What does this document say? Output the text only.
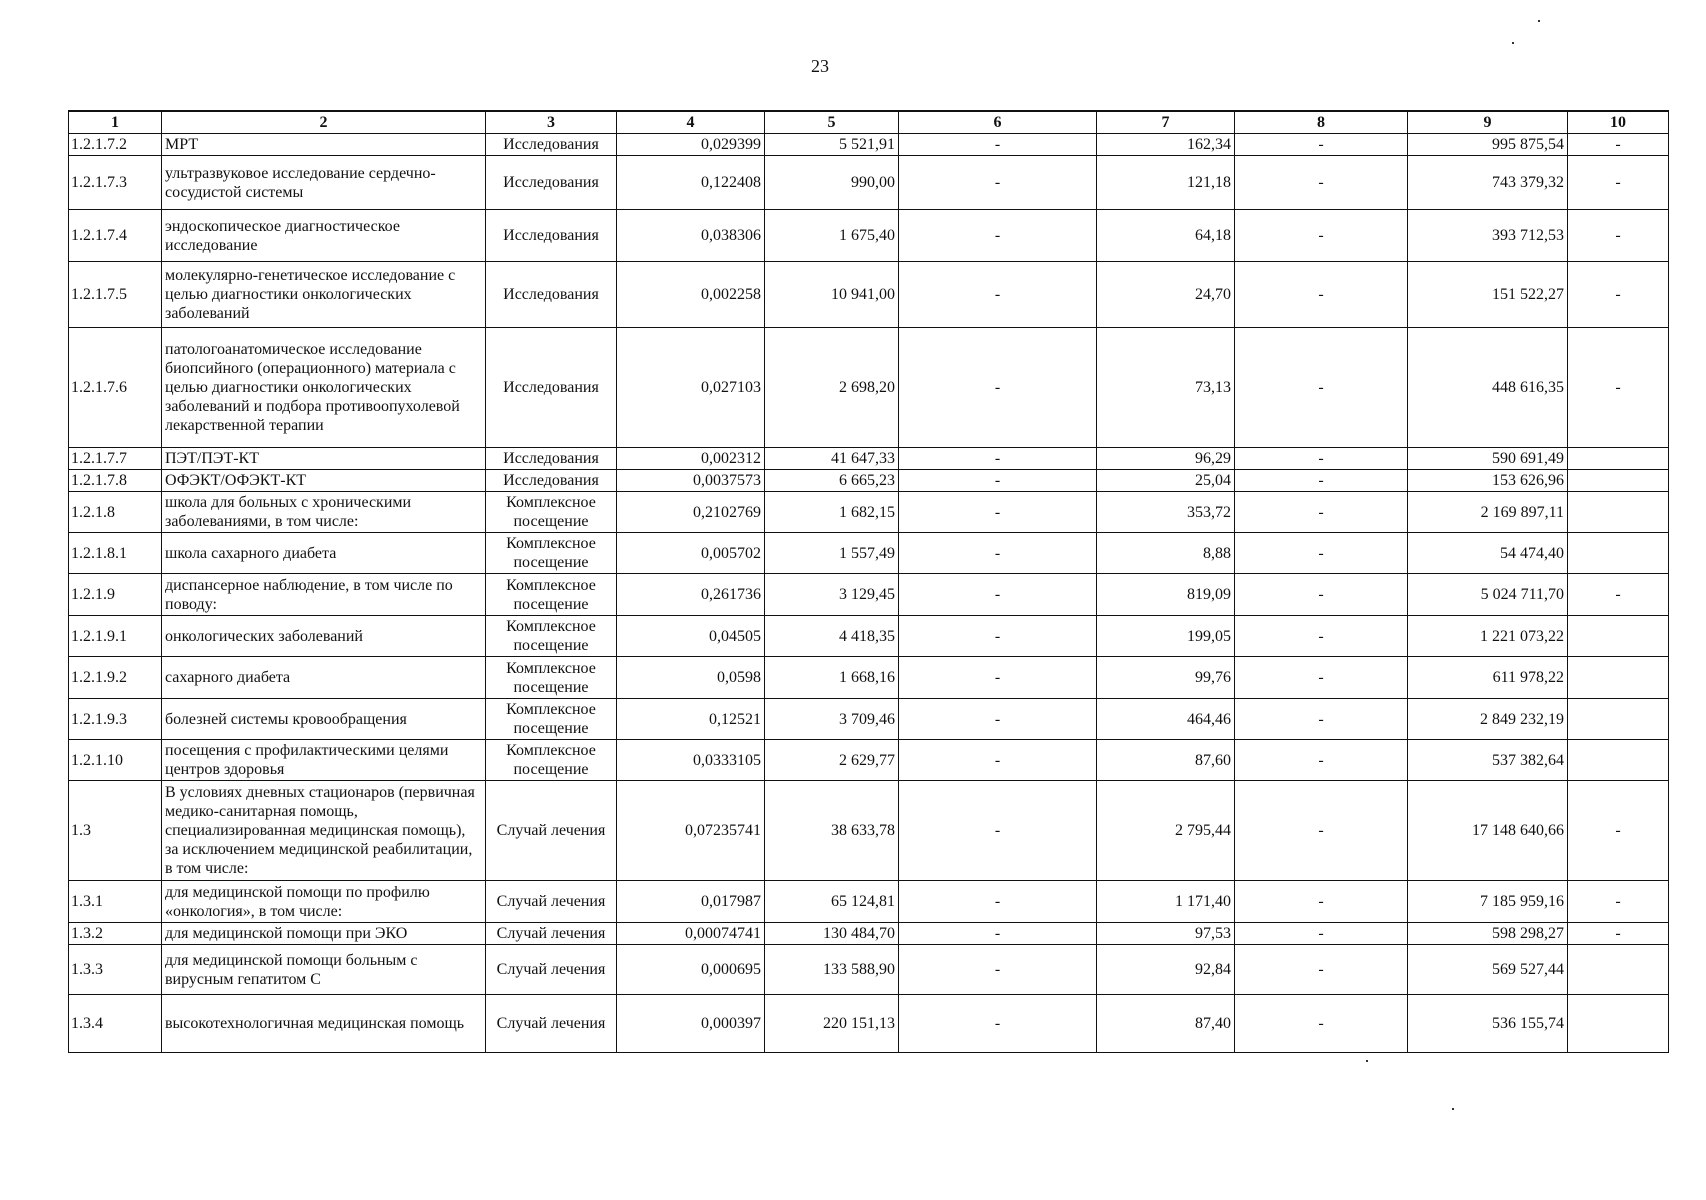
23
1	2	3	4	5	6	7	8	9	10
1.2.1.7.2	МРТ	Исследования	0,029399	5 521,91	-	162,34	-	995 875,54	-
1.2.1.7.3	ультразвуковое исследование сердечно-сосудистой системы	Исследования	0,122408	990,00	-	121,18	-	743 379,32	-
1.2.1.7.4	эндоскопическое диагностическое исследование	Исследования	0,038306	1 675,40	-	64,18	-	393 712,53	-
1.2.1.7.5	молекулярно-генетическое исследование с целью диагностики онкологических заболеваний	Исследования	0,002258	10 941,00	-	24,70	-	151 522,27	-
1.2.1.7.6	патологоанатомическое исследование биопсийного (операционного) материала с целью диагностики онкологических заболеваний и подбора противоопухолевой лекарственной терапии	Исследования	0,027103	2 698,20	-	73,13	-	448 616,35	-
1.2.1.7.7	ПЭТ/ПЭТ-КТ	Исследования	0,002312	41 647,33	-	96,29	-	590 691,49	
1.2.1.7.8	ОФЭКТ/ОФЭКТ-КТ	Исследования	0,0037573	6 665,23	-	25,04	-	153 626,96	
1.2.1.8	школа для больных с хроническими заболеваниями, в том числе:	Комплексное посещение	0,2102769	1 682,15	-	353,72	-	2 169 897,11	
1.2.1.8.1	школа сахарного диабета	Комплексное посещение	0,005702	1 557,49	-	8,88	-	54 474,40	
1.2.1.9	диспансерное наблюдение, в том числе по поводу:	Комплексное посещение	0,261736	3 129,45	-	819,09	-	5 024 711,70	-
1.2.1.9.1	онкологических заболеваний	Комплексное посещение	0,04505	4 418,35	-	199,05	-	1 221 073,22	
1.2.1.9.2	сахарного диабета	Комплексное посещение	0,0598	1 668,16	-	99,76	-	611 978,22	
1.2.1.9.3	болезней системы кровообращения	Комплексное посещение	0,12521	3 709,46	-	464,46	-	2 849 232,19	
1.2.1.10	посещения с профилактическими целями центров здоровья	Комплексное посещение	0,0333105	2 629,77	-	87,60	-	537 382,64	
1.3	В условиях дневных стационаров (первичная медико-санитарная помощь, специализированная медицинская помощь), за исключением медицинской реабилитации, в том числе:	Случай лечения	0,07235741	38 633,78	-	2 795,44	-	17 148 640,66	-
1.3.1	для медицинской помощи по профилю «онкология», в том числе:	Случай лечения	0,017987	65 124,81	-	1 171,40	-	7 185 959,16	-
1.3.2	для медицинской помощи при ЭКО	Случай лечения	0,00074741	130 484,70	-	97,53	-	598 298,27	-
1.3.3	для медицинской помощи больным с вирусным гепатитом С	Случай лечения	0,000695	133 588,90	-	92,84	-	569 527,44	
1.3.4	высокотехнологичная медицинская помощь	Случай лечения	0,000397	220 151,13	-	87,40	-	536 155,74	
